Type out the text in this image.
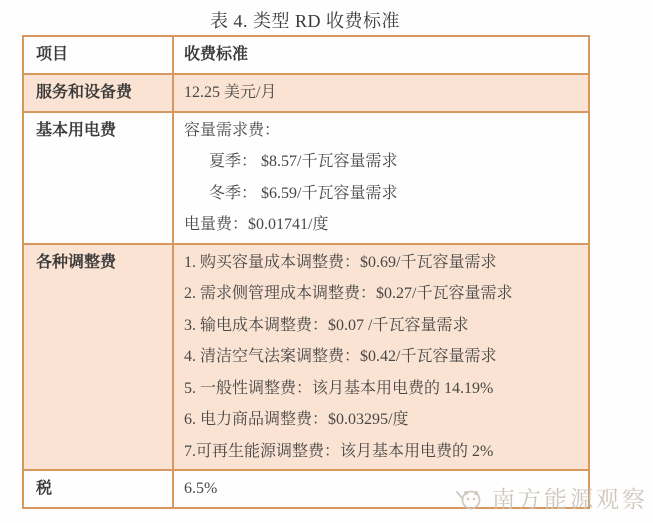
表 4. 类型 RD 收费标准
项目	收费标准
服务和设备费	12.25 美元/月

基本用电费	容量需求费：
夏季： $8.57/千瓦容量需求
冬季： $6.59/千瓦容量需求
电量费：$0.01741/度

各种调整费	1. 购买容量成本调整费：$0.69/千瓦容量需求
2. 需求侧管理成本调整费：$0.27/千瓦容量需求
3. 输电成本调整费：$0.07 /千瓦容量需求
4. 清洁空气法案调整费：$0.42/千瓦容量需求
5. 一般性调整费：该月基本用电费的 14.19%
6. 电力商品调整费：$0.03295/度
7.可再生能源调整费：该月基本用电费的 2%

税	6.5%	南方能源观察
